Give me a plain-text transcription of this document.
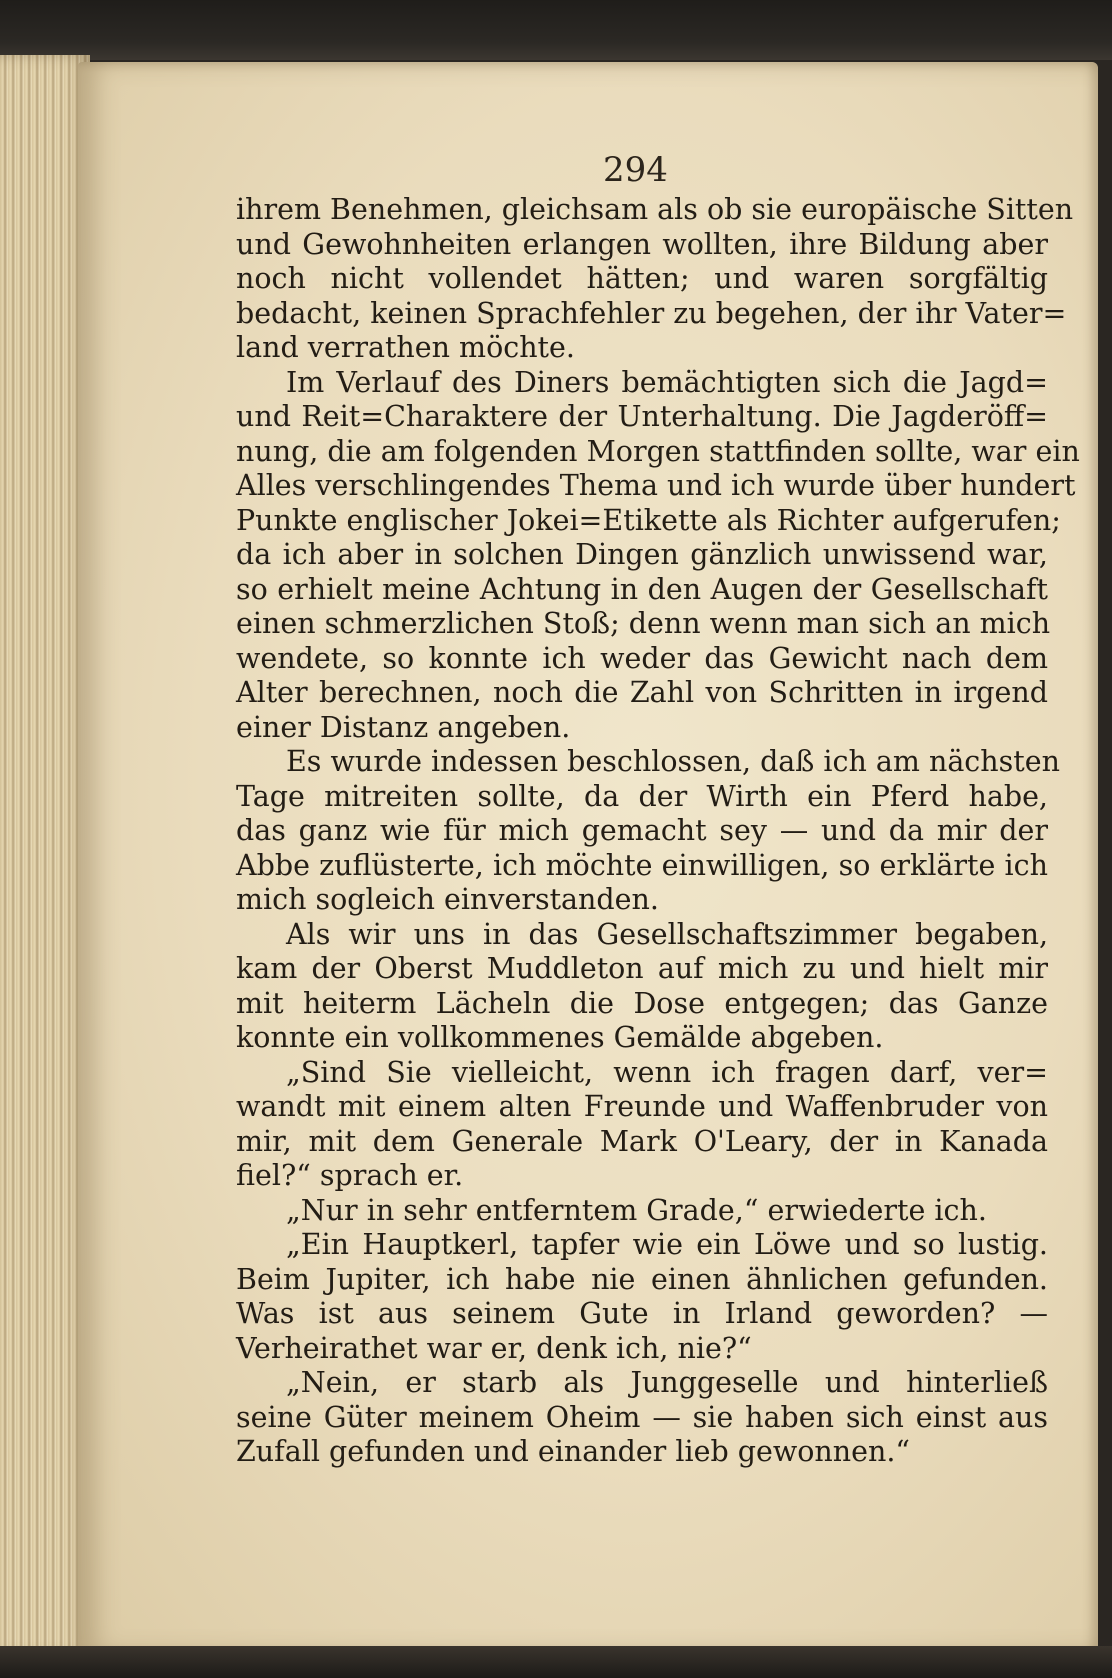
294
ihrem Benehmen, gleichsam als ob sie europäische Sitten
und Gewohnheiten erlangen wollten, ihre Bildung aber
noch nicht vollendet hätten; und waren sorgfältig
bedacht, keinen Sprachfehler zu begehen, der ihr Vater=
land verrathen möchte.
Im Verlauf des Diners bemächtigten sich die Jagd=
und Reit=Charaktere der Unterhaltung. Die Jagderöff=
nung, die am folgenden Morgen stattfinden sollte, war ein
Alles verschlingendes Thema und ich wurde über hundert
Punkte englischer Jokei=Etikette als Richter aufgerufen;
da ich aber in solchen Dingen gänzlich unwissend war,
so erhielt meine Achtung in den Augen der Gesellschaft
einen schmerzlichen Stoß; denn wenn man sich an mich
wendete, so konnte ich weder das Gewicht nach dem
Alter berechnen, noch die Zahl von Schritten in irgend
einer Distanz angeben.
Es wurde indessen beschlossen, daß ich am nächsten
Tage mitreiten sollte, da der Wirth ein Pferd habe,
das ganz wie für mich gemacht sey — und da mir der
Abbe zuflüsterte, ich möchte einwilligen, so erklärte ich
mich sogleich einverstanden.
Als wir uns in das Gesellschaftszimmer begaben,
kam der Oberst Muddleton auf mich zu und hielt mir
mit heiterm Lächeln die Dose entgegen; das Ganze
konnte ein vollkommenes Gemälde abgeben.
„Sind Sie vielleicht, wenn ich fragen darf, ver=
wandt mit einem alten Freunde und Waffenbruder von
mir, mit dem Generale Mark O'Leary, der in Kanada
fiel?“ sprach er.
„Nur in sehr entferntem Grade,“ erwiederte ich.
„Ein Hauptkerl, tapfer wie ein Löwe und so lustig.
Beim Jupiter, ich habe nie einen ähnlichen gefunden.
Was ist aus seinem Gute in Irland geworden? —
Verheirathet war er, denk ich, nie?“
„Nein, er starb als Junggeselle und hinterließ
seine Güter meinem Oheim — sie haben sich einst aus
Zufall gefunden und einander lieb gewonnen.“
